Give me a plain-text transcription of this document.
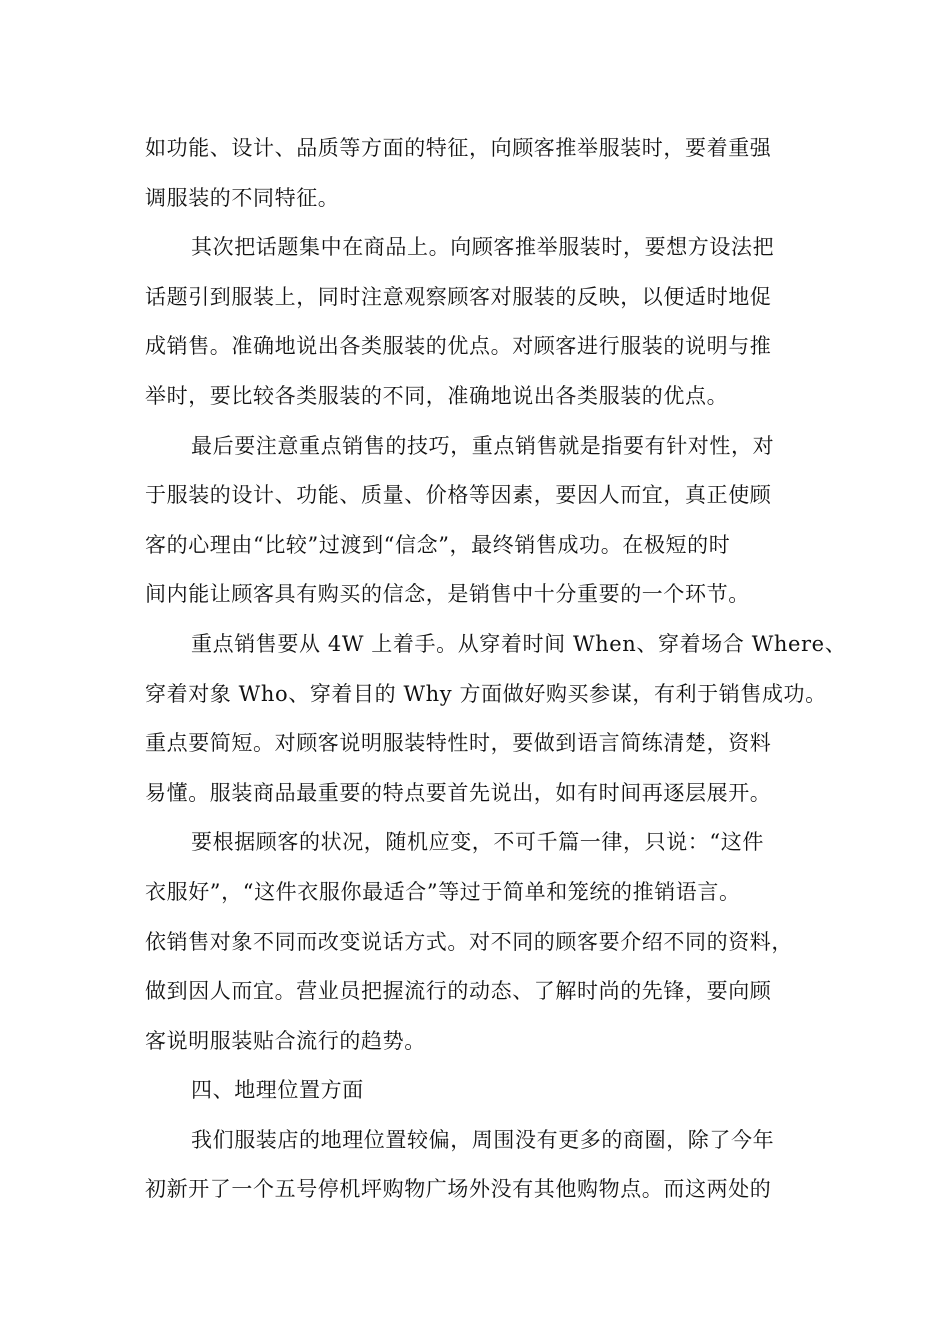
如功能、设计、品质等方面的特征，向顾客推举服装时，要着重强
调服装的不同特征。
其次把话题集中在商品上。向顾客推举服装时，要想方设法把
话题引到服装上，同时注意观察顾客对服装的反映，以便适时地促
成销售。准确地说出各类服装的优点。对顾客进行服装的说明与推
举时，要比较各类服装的不同，准确地说出各类服装的优点。
最后要注意重点销售的技巧，重点销售就是指要有针对性，对
于服装的设计、功能、质量、价格等因素，要因人而宜，真正使顾
客的心理由“比较”过渡到“信念”，最终销售成功。在极短的时
间内能让顾客具有购买的信念，是销售中十分重要的一个环节。
重点销售要从 4W 上着手。从穿着时间 When、穿着场合 Where、
穿着对象 Who、穿着目的 Why 方面做好购买参谋，有利于销售成功。
重点要简短。对顾客说明服装特性时，要做到语言简练清楚，资料
易懂。服装商品最重要的特点要首先说出，如有时间再逐层展开。
要根据顾客的状况，随机应变，不可千篇一律，只说：“这件
衣服好”，“这件衣服你最适合”等过于简单和笼统的推销语言。
依销售对象不同而改变说话方式。对不同的顾客要介绍不同的资料，
做到因人而宜。营业员把握流行的动态、了解时尚的先锋，要向顾
客说明服装贴合流行的趋势。
四、地理位置方面
我们服装店的地理位置较偏，周围没有更多的商圈，除了今年
初新开了一个五号停机坪购物广场外没有其他购物点。而这两处的
